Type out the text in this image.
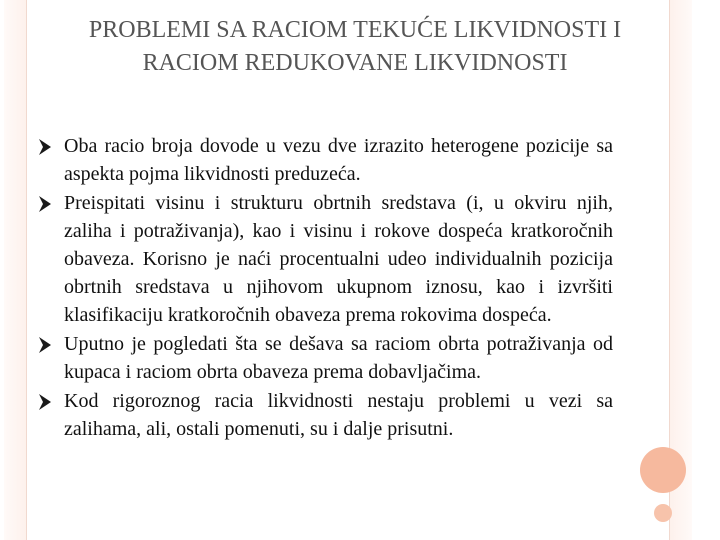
PROBLEMI SA RACIOM TEKUĆE LIKVIDNOSTI I RACIOM REDUKOVANE LIKVIDNOSTI
Oba racio broja dovode u vezu dve izrazito heterogene pozicije sa aspekta pojma likvidnosti preduzeća.
Preispitati visinu i strukturu obrtnih sredstava (i, u okviru njih, zaliha i potraživanja), kao i visinu i rokove dospeća kratkoročnih obaveza. Korisno je naći procentualni udeo individualnih pozicija obrtnih sredstava u njihovom ukupnom iznosu, kao i izvršiti klasifikaciju kratkoročnih obaveza prema rokovima dospeća.
Uputno je pogledati šta se dešava sa raciom obrta potraživanja od kupaca i raciom obrta obaveza prema dobavljačima.
Kod rigoroznog racia likvidnosti nestaju problemi u vezi sa zalihama, ali, ostali pomenuti, su i dalje prisutni.
